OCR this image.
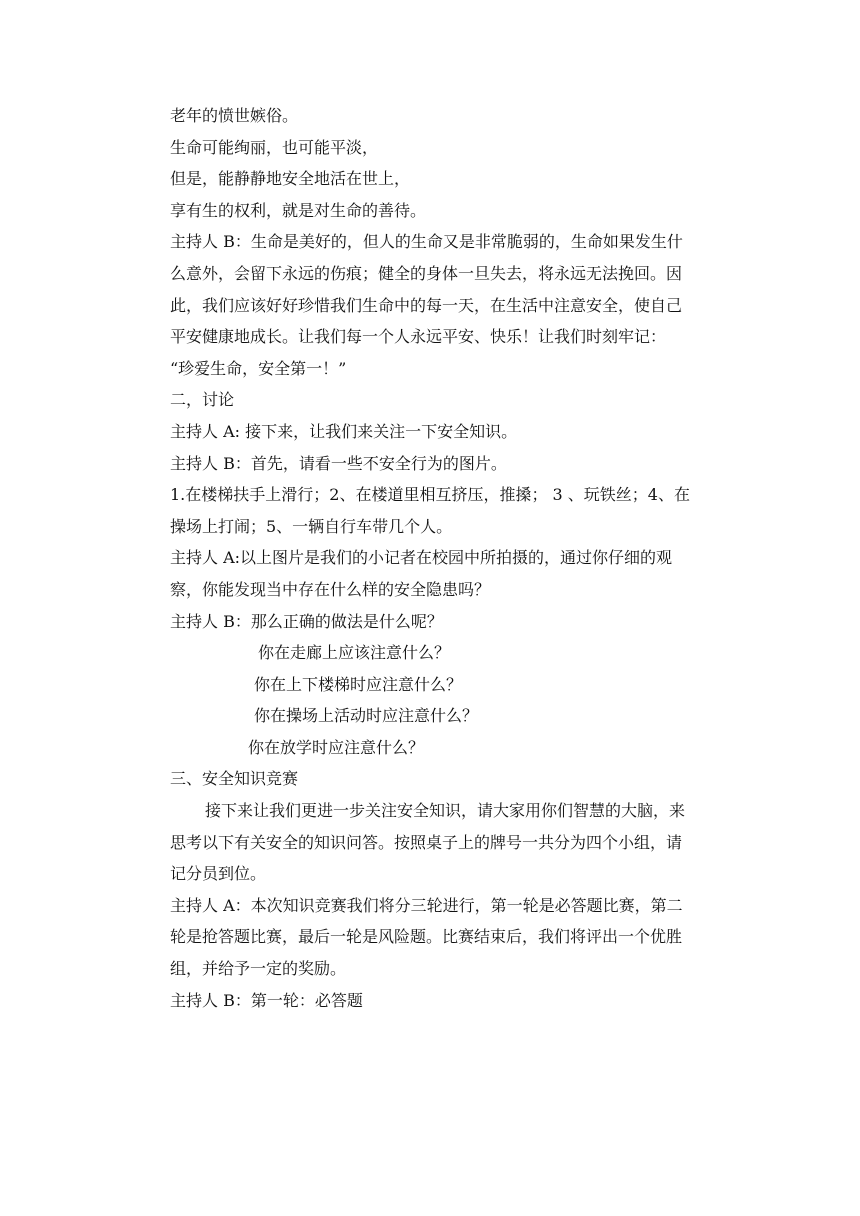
老年的愤世嫉俗。
生命可能绚丽，也可能平淡，
但是，能静静地安全地活在世上，
享有生的权利，就是对生命的善待。
主持人 B：生命是美好的，但人的生命又是非常脆弱的，生命如果发生什
么意外，会留下永远的伤痕；健全的身体一旦失去，将永远无法挽回。因
此，我们应该好好珍惜我们生命中的每一天，在生活中注意安全，使自己
平安健康地成长。让我们每一个人永远平安、快乐！让我们时刻牢记：
“珍爱生命，安全第一！”
二，讨论
主持人 A: 接下来，让我们来关注一下安全知识。
主持人 B：首先，请看一些不安全行为的图片。
1.在楼梯扶手上滑行；2、在楼道里相互挤压，推搡； 3 、玩铁丝；4、在
操场上打闹；5、一辆自行车带几个人。
主持人 A:以上图片是我们的小记者在校园中所拍摄的，通过你仔细的观
察，你能发现当中存在什么样的安全隐患吗？
主持人 B：那么正确的做法是什么呢？
你在走廊上应该注意什么？
你在上下楼梯时应注意什么？
你在操场上活动时应注意什么？
你在放学时应注意什么？
三、安全知识竞赛
接下来让我们更进一步关注安全知识，请大家用你们智慧的大脑，来
思考以下有关安全的知识问答。按照桌子上的牌号一共分为四个小组，请
记分员到位。
主持人 A：本次知识竞赛我们将分三轮进行，第一轮是必答题比赛，第二
轮是抢答题比赛，最后一轮是风险题。比赛结束后，我们将评出一个优胜
组，并给予一定的奖励。
主持人 B：第一轮：必答题
